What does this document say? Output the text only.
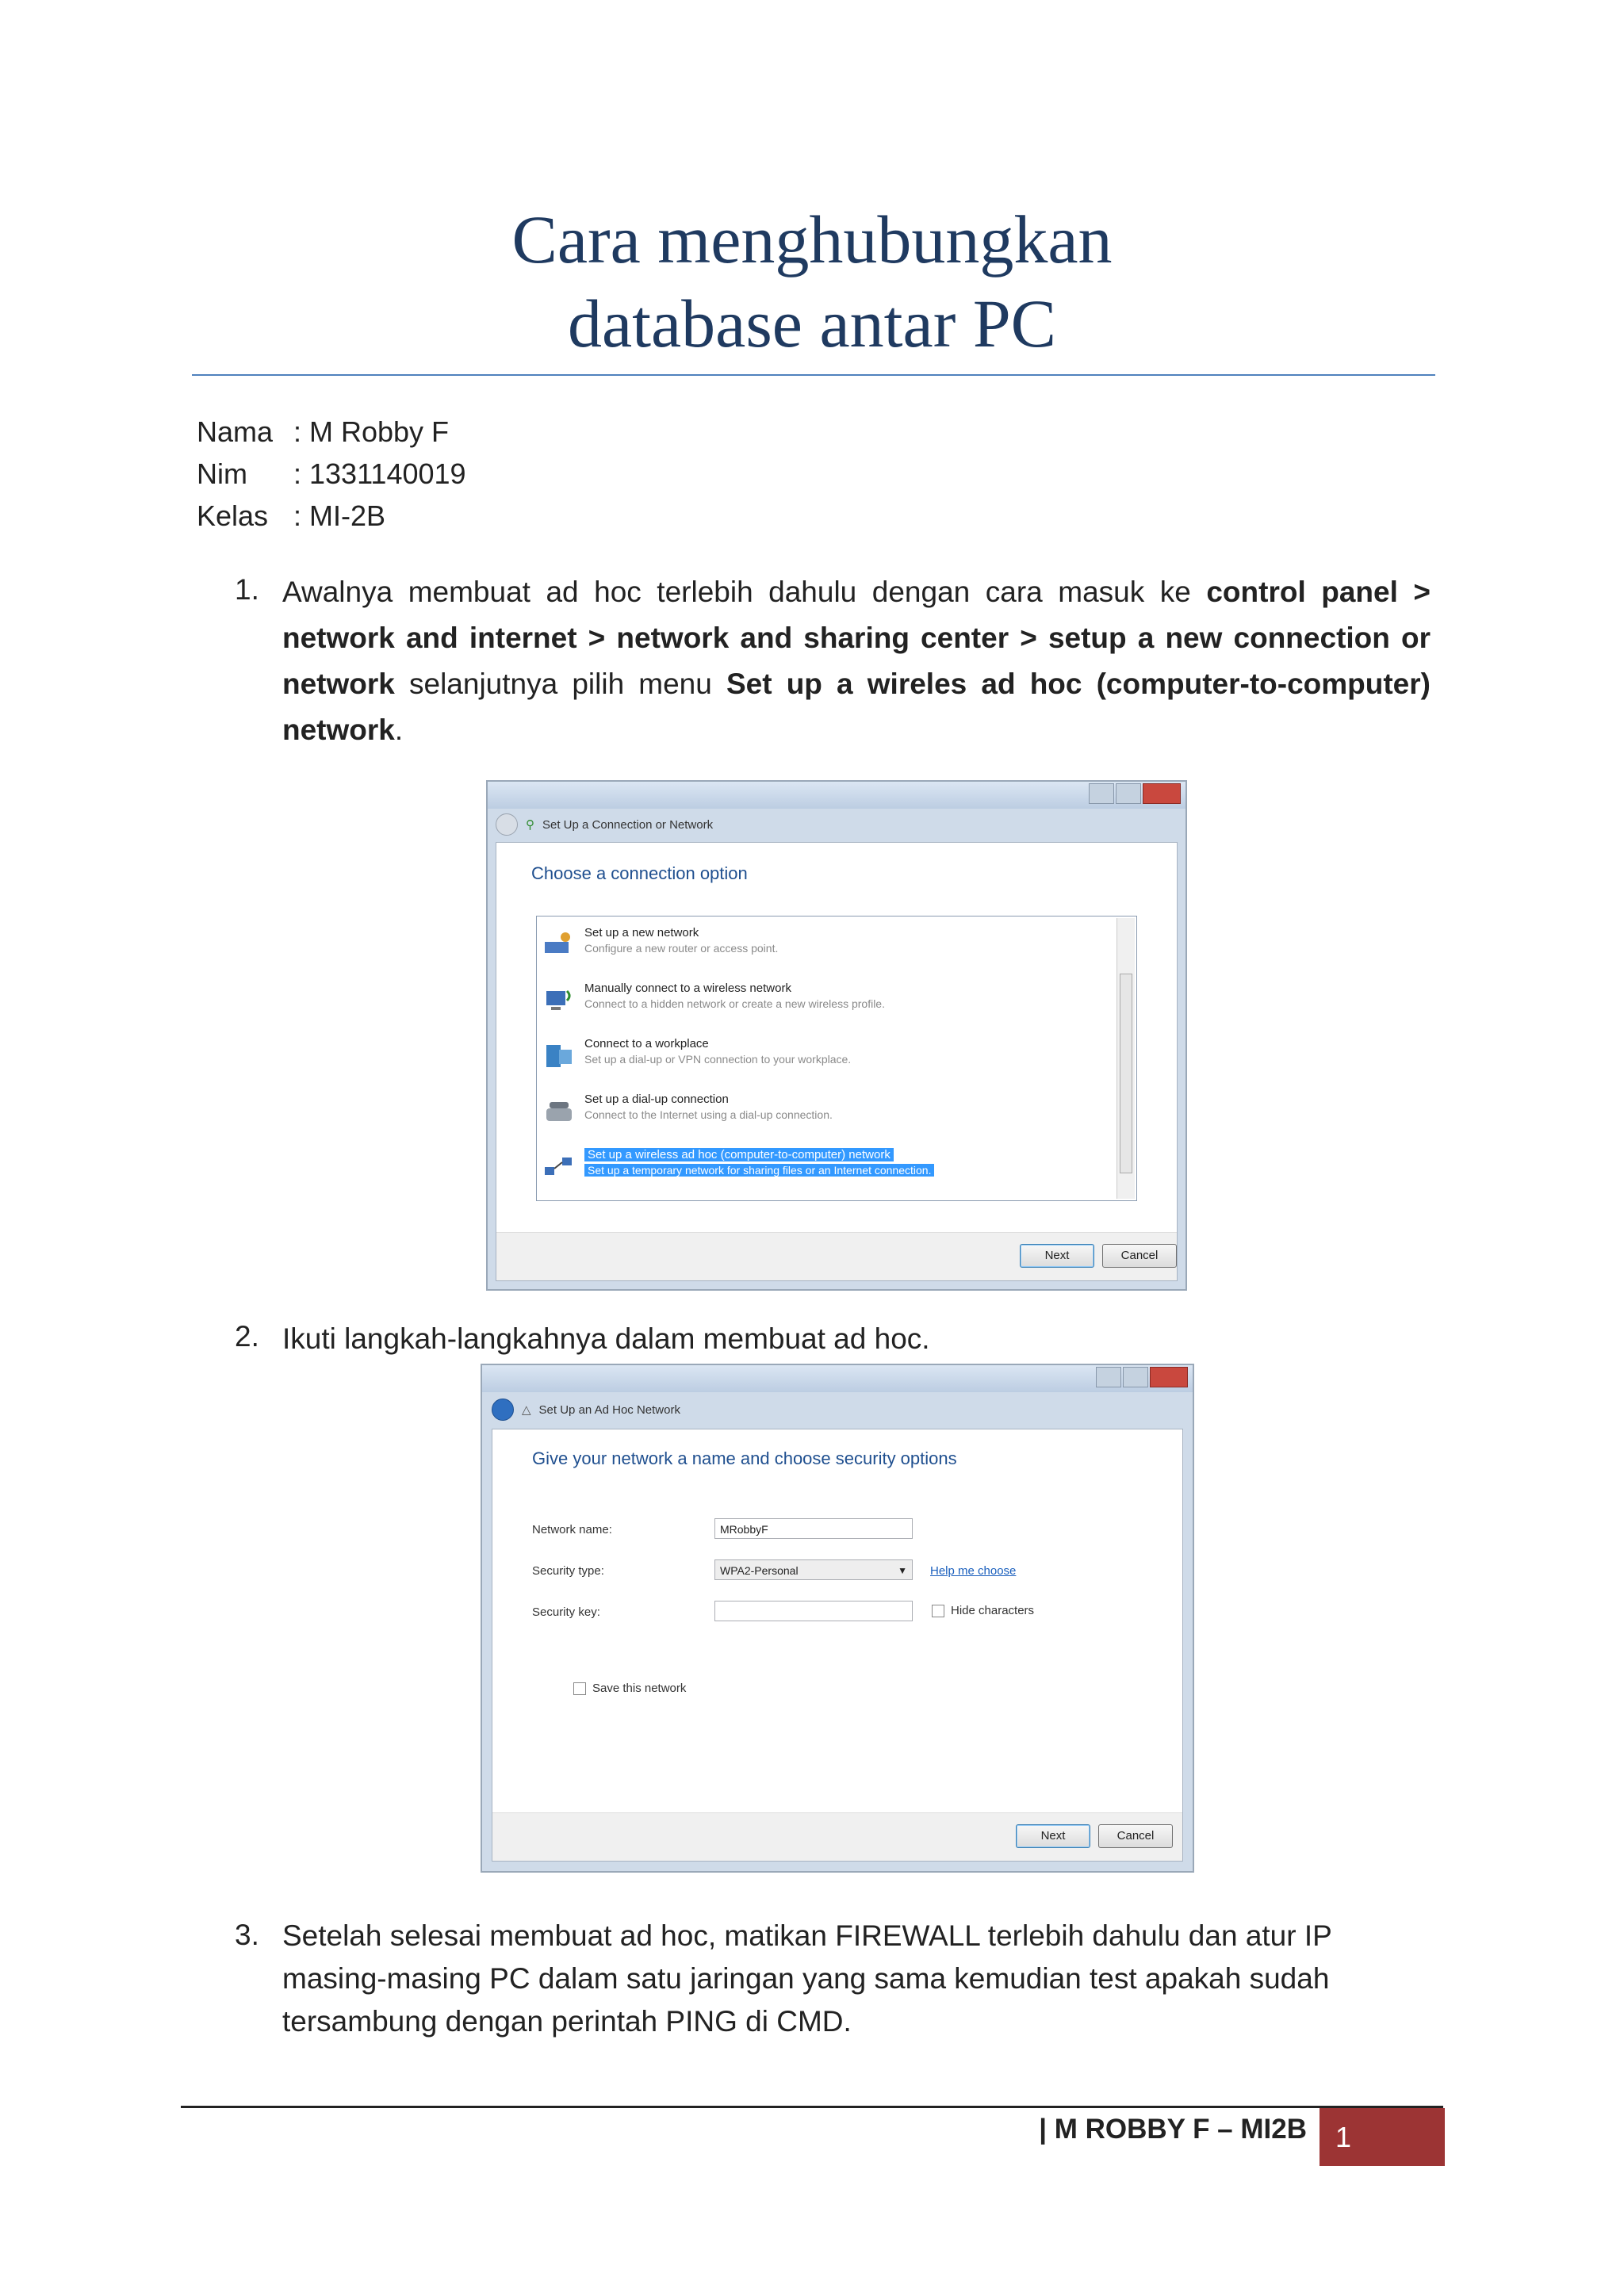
Cara menghubungkan
database antar PC
Nama : M Robby F
Nim : 1331140019
Kelas : MI-2B
1. Awalnya membuat ad hoc terlebih dahulu dengan cara masuk ke control panel > network and internet > network and sharing center > setup a new connection or network selanjutnya pilih menu Set up a wireles ad hoc (computer-to-computer) network.
⚲ Set Up a Connection or Network
Choose a connection option
Set up a new network
Configure a new router or access point.
Manually connect to a wireless network
Connect to a hidden network or create a new wireless profile.
Connect to a workplace
Set up a dial-up or VPN connection to your workplace.
Set up a dial-up connection
Connect to the Internet using a dial-up connection.
Set up a wireless ad hoc (computer-to-computer) network
Set up a temporary network for sharing files or an Internet connection.
Next	Cancel
2. Ikuti langkah-langkahnya dalam membuat ad hoc.
△ Set Up an Ad Hoc Network
Give your network a name and choose security options
Network name:	MRobbyF
Security type:	WPA2-Personal	▼ Help me choose
Security key:	Hide characters
Save this network
Next	Cancel
3. Setelah selesai membuat ad hoc, matikan FIREWALL terlebih dahulu dan atur IP masing-masing PC dalam satu jaringan yang sama kemudian test apakah sudah tersambung dengan perintah PING di CMD.
| M ROBBY F – MI2B	1
